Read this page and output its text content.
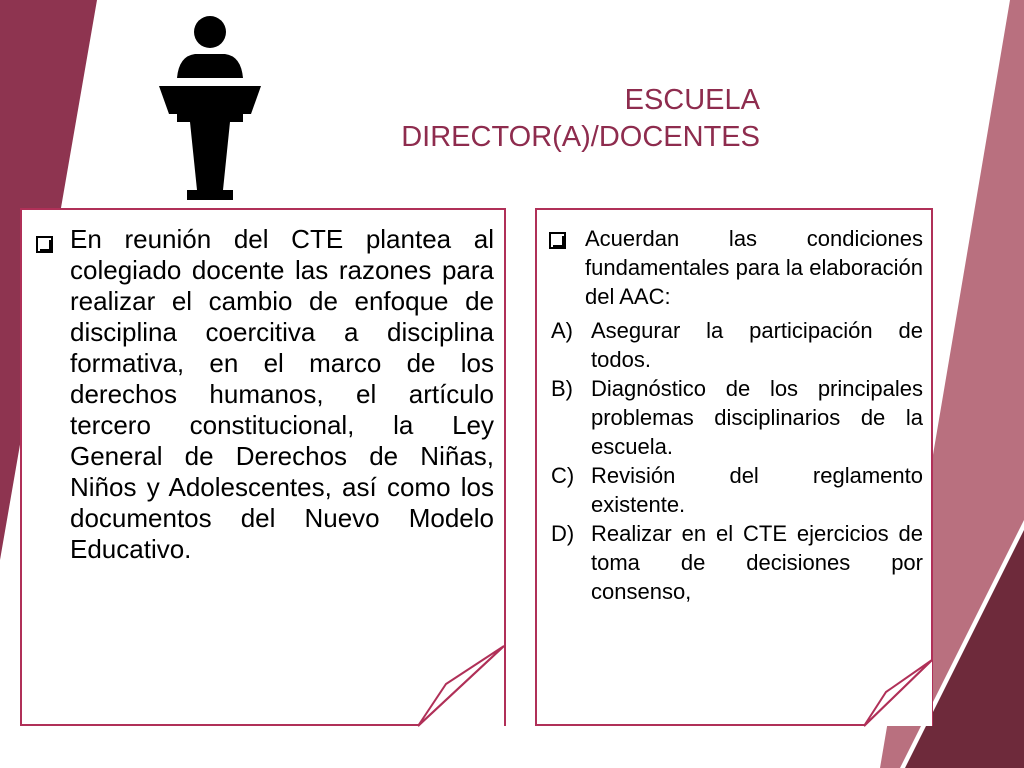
ESCUELA
DIRECTOR(A)/DOCENTES
En reunión del CTE plantea al colegiado docente las razones para realizar el cambio de enfoque de disciplina coercitiva a disciplina formativa, en el marco de los derechos humanos, el artículo tercero constitucional, la Ley General de Derechos de Niñas, Niños y Adolescentes, así como los documentos del Nuevo Modelo Educativo.
Acuerdan las condiciones fundamentales para la elaboración del AAC:
A) Asegurar la participación de todos.
B) Diagnóstico de los principales problemas disciplinarios de la escuela.
C) Revisión del reglamento existente.
D) Realizar en el CTE ejercicios de toma de decisiones por consenso,
